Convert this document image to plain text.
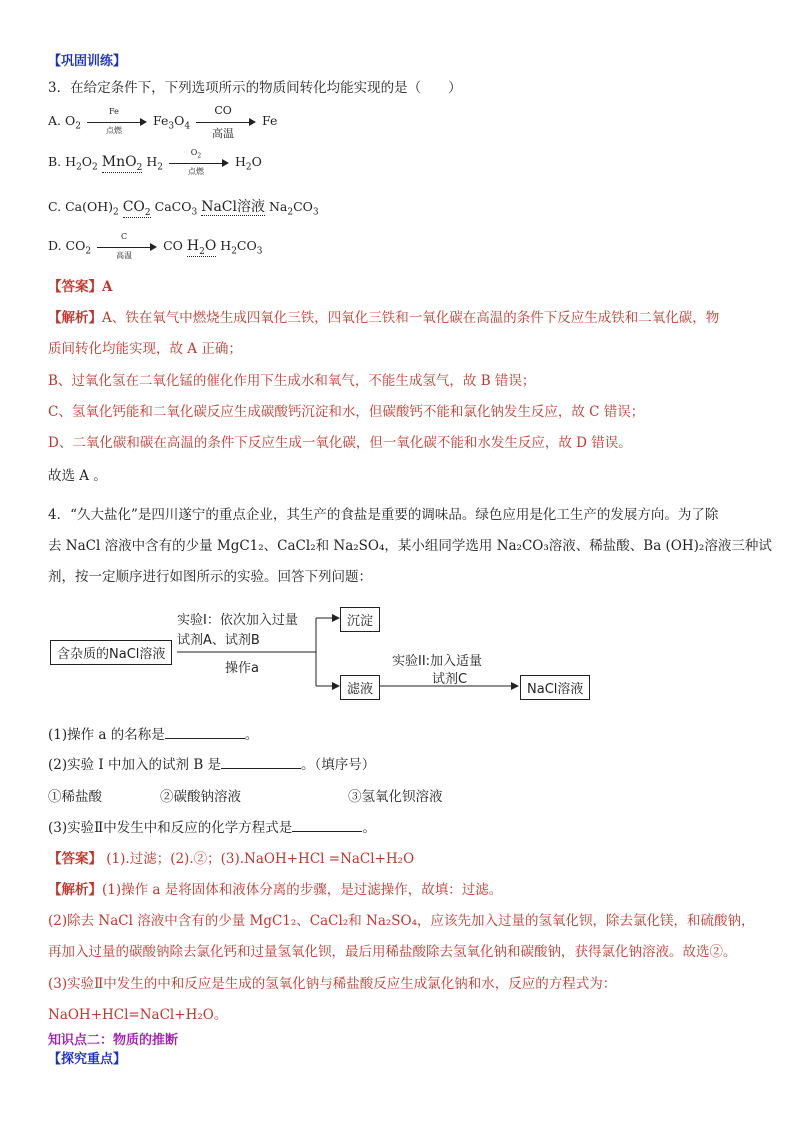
【巩固训练】
3．在给定条件下，下列选项所示的物质间转化均能实现的是（　　）
A. $O_2$
Fe
点燃
$Fe_3O_4$
CO
高温
Fe
B. $H_2O_2$ MnO$_2$ $H_2$
$O_2$
点燃
$H_2O$
C. $Ca(OH)_2$ $CO_2$ CaCO$_3$ NaCl溶液 $Na_2CO_3$
D. $CO_2$
C
高温
CO $H_2O$ $H_2CO_3$
【答案】A
【解析】A、铁在氧气中燃烧生成四氧化三铁，四氧化三铁和一氧化碳在高温的条件下反应生成铁和二氧化碳，物
质间转化均能实现，故 A 正确；
B、过氧化氢在二氧化锰的催化作用下生成水和氧气，不能生成氢气，故 B 错误；
C、氢氧化钙能和二氧化碳反应生成碳酸钙沉淀和水，但碳酸钙不能和氯化钠发生反应，故 C 错误；
D、二氧化碳和碳在高温的条件下反应生成一氧化碳，但一氧化碳不能和水发生反应，故 D 错误。
故选 A 。
4．“久大盐化”是四川遂宁的重点企业，其生产的食盐是重要的调味品。绿色应用是化工生产的发展方向。为了除
去 NaCl 溶液中含有的少量 MgC1₂、CaCl₂和 Na₂SO₄，某小组同学选用 Na₂CO₃溶液、稀盐酸、Ba (OH)₂溶液三种试
剂，按一定顺序进行如图所示的实验。回答下列问题：
含杂质的NaCl溶液
实验I：依次加入过量
试剂A、试剂B
操作a
沉淀
滤液
实验II:加入适量
试剂C
NaCl溶液
(1)操作 a 的名称是	。
(2)实验 I 中加入的试剂 B 是	。（填序号）
①稀盐酸	②碳酸钠溶液	③氢氧化钡溶液
(3)实验Ⅱ中发生中和反应的化学方程式是	。
【答案】 (1).过滤；(2).②；(3).NaOH+HCl =NaCl+H₂O
【解析】(1)操作 a 是将固体和液体分离的步骤，是过滤操作，故填：过滤。
(2)除去 NaCl 溶液中含有的少量 MgC1₂、CaCl₂和 Na₂SO₄，应该先加入过量的氢氧化钡，除去氯化镁，和硫酸钠，
再加入过量的碳酸钠除去氯化钙和过量氢氧化钡，最后用稀盐酸除去氢氧化钠和碳酸钠，获得氯化钠溶液。故选②。
(3)实验Ⅱ中发生的中和反应是生成的氢氧化钠与稀盐酸反应生成氯化钠和水，反应的方程式为：
NaOH+HCl=NaCl+H₂O。
知识点二：物质的推断
【探究重点】
